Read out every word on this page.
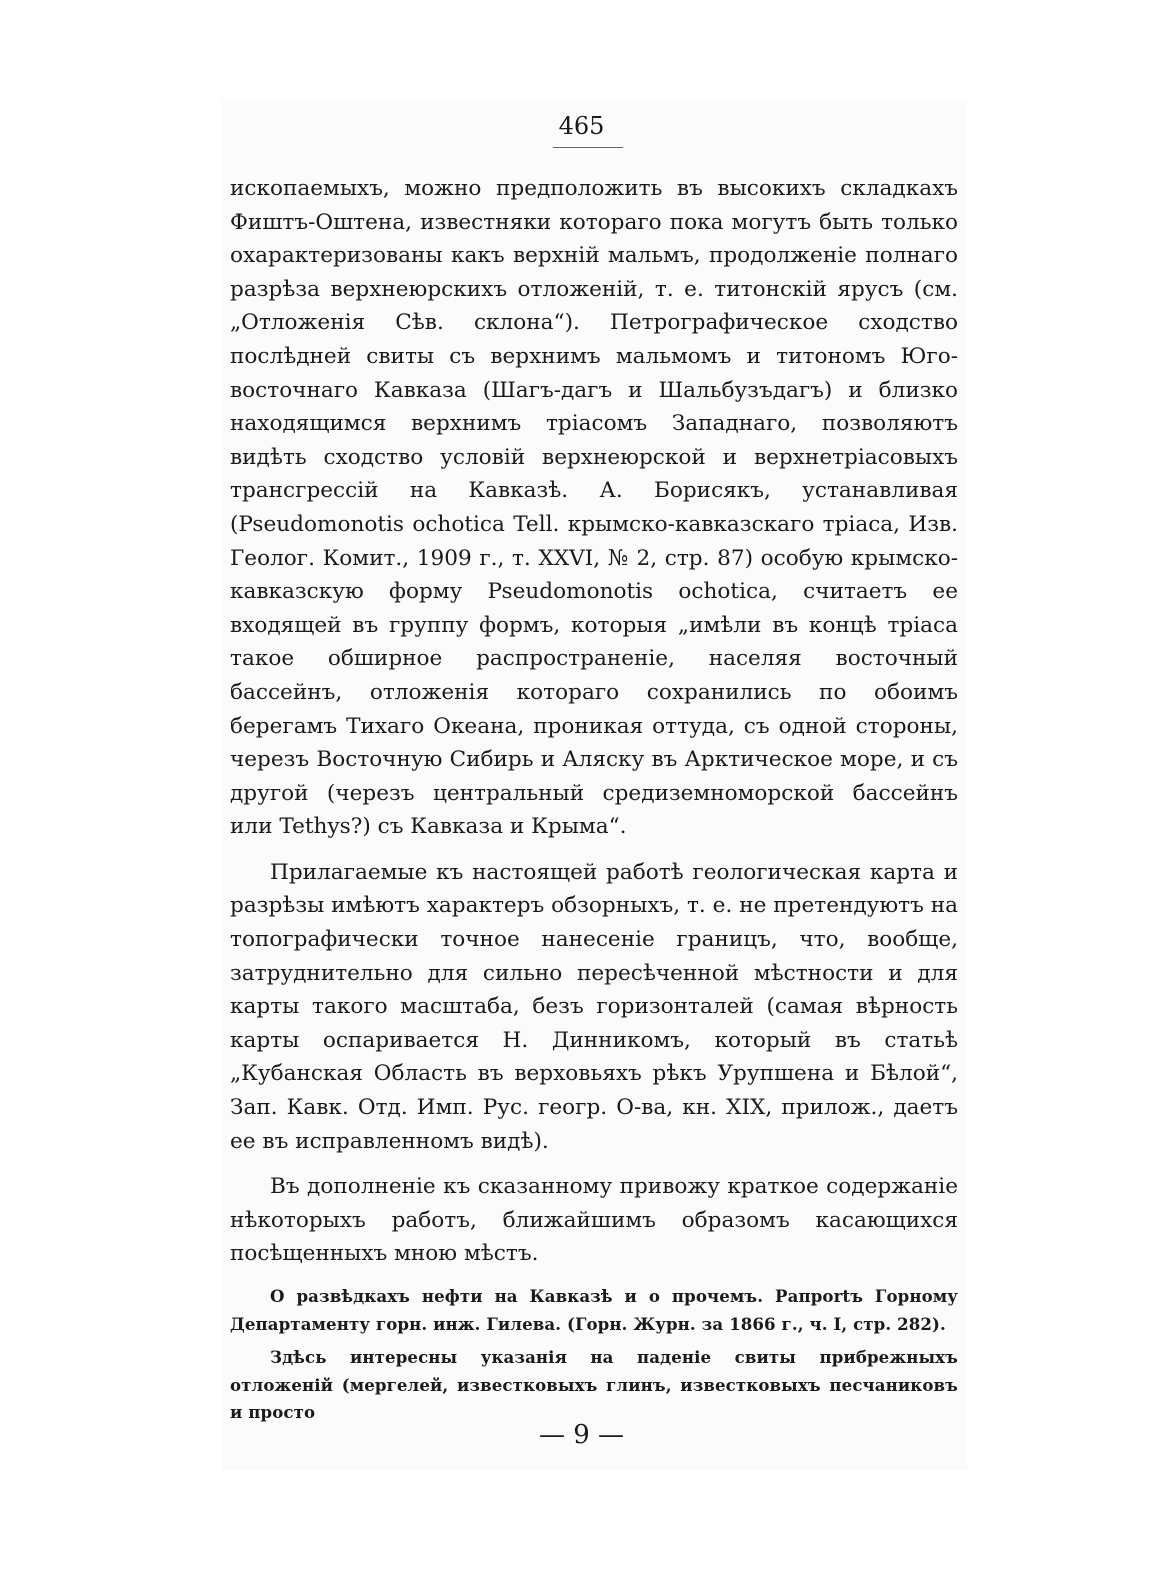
465

ископаемыхъ, можно предположить въ высокихъ складкахъ Фиштъ-Оштена, известняки котораго пока могутъ быть только охарактеризованы какъ верхній мальмъ, продолженіе полнаго разрѣза верхнеюрскихъ отложеній, т. е. титонскій ярусъ (см. „Отложенія Сѣв. склона“). Петрографическое сходство послѣдней свиты съ верхнимъ мальмомъ и титономъ Юго-восточнаго Кавказа (Шагъ-дагъ и Шальбузъдагъ) и близко находящимся верхнимъ тріасомъ Западнаго, позволяютъ видѣть сходство условій верхнеюрской и верхнетріасовыхъ трансгрессій на Кавказѣ. А. Борисякъ, устанавливая (Pseudomonotis ochotica Tell. крымско-кавказскаго тріаса, Изв. Геолог. Комит., 1909 г., т. XXVI, № 2, стр. 87) особую крымско-кавказскую форму Pseudomonotis ochotica, считаетъ ее входящей въ группу формъ, которыя „имѣли въ концѣ тріаса такое обширное распространеніе, населяя восточный бассейнъ, отложенія котораго сохранились по обоимъ берегамъ Тихаго Океана, проникая оттуда, съ одной стороны, черезъ Восточную Сибирь и Аляску въ Арктическое море, и съ другой (черезъ центральный средиземноморской бассейнъ или Tethys?) съ Кавказа и Крыма“.

Прилагаемые къ настоящей работѣ геологическая карта и разрѣзы имѣютъ характеръ обзорныхъ, т. е. не претендуютъ на топографически точное нанесеніе границъ, что, вообще, затруднительно для сильно пересѣченной мѣстности и для карты такого масштаба, безъ горизонталей (самая вѣрность карты оспаривается Н. Динникомъ, который въ статьѣ „Кубанская Область въ верховьяхъ рѣкъ Урупшена и Бѣлой“, Зап. Кавк. Отд. Имп. Рус. геогр. О-ва, кн. XIX, прилож., даетъ ее въ исправленномъ видѣ).

Въ дополненіе къ сказанному привожу краткое содержаніе нѣкоторыхъ работъ, ближайшимъ образомъ касающихся посѣщенныхъ мною мѣстъ.

О развѣдкахъ нефти на Кавказѣ и о прочемъ. Рапportъ Горному Департаменту горн. инж. Гилева. (Горн. Журн. за 1866 г., ч. I, стр. 282).

Здѣсь интересны указанія на паденіе свиты прибрежныхъ отложеній (мергелей, известковыхъ глинъ, известковыхъ песчаниковъ и просто

— 9 —
